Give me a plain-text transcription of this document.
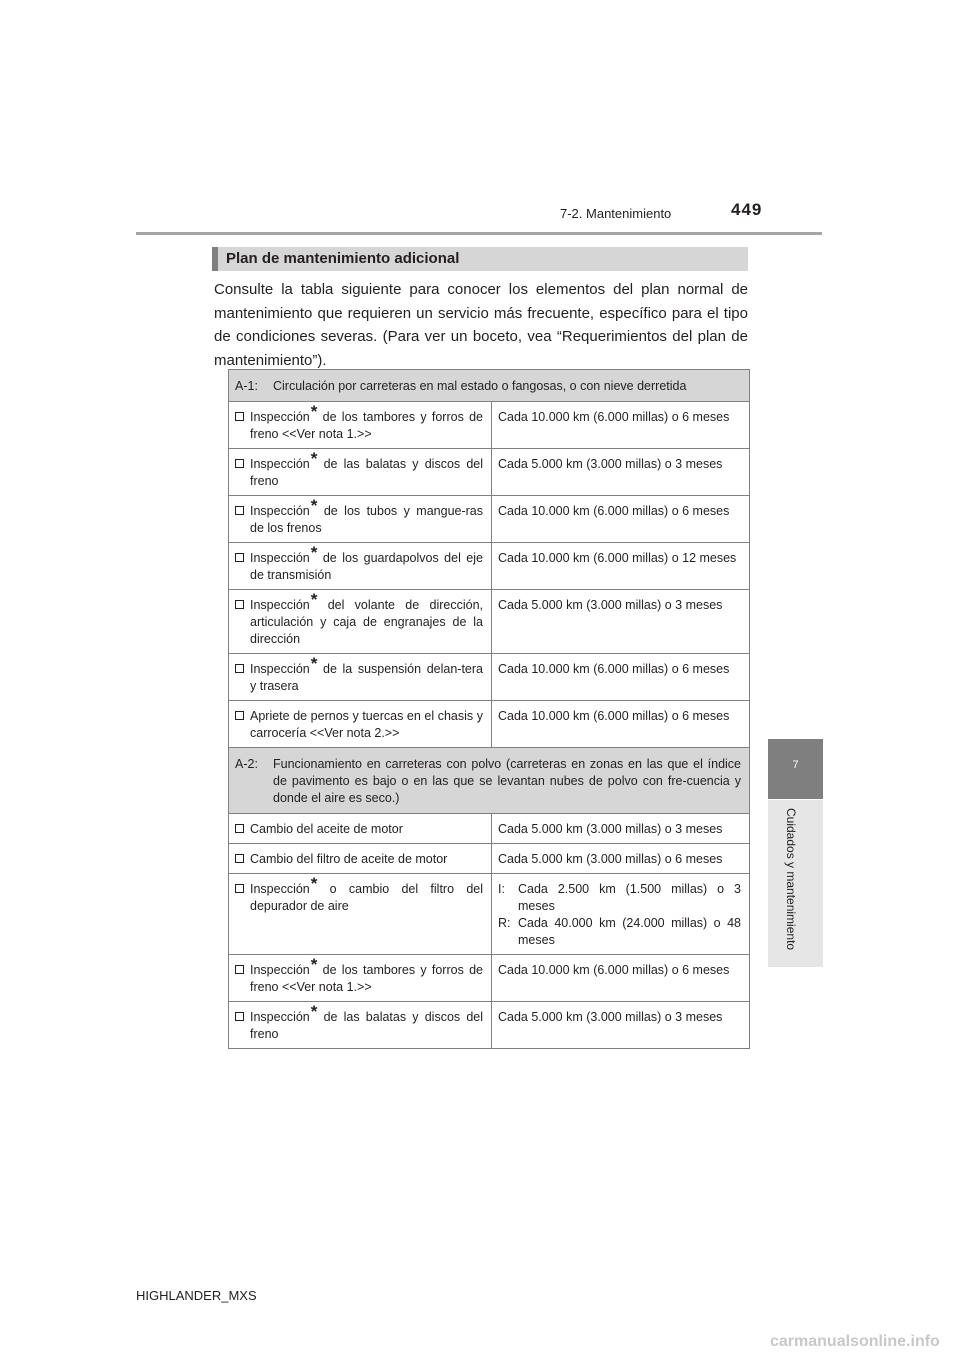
7-2. Mantenimiento	449
7
Cuidados y mantenimiento
Plan de mantenimiento adicional

Consulte la tabla siguiente para conocer los elementos del plan normal de mantenimiento que requieren un servicio más frecuente, específico para el tipo de condiciones severas. (Para ver un boceto, vea “Requerimientos del plan de mantenimiento”).

A-1: Circulación por carreteras en mal estado o fangosas, o con nieve derretida	

Inspección* de los tambores y forros de freno <<Ver nota 1.>>	Cada 10.000 km (6.000 millas) o 6 meses

Inspección* de las balatas y discos del freno	Cada 5.000 km (3.000 millas) o 3 meses

Inspección* de los tubos y mangue-ras de los frenos	Cada 10.000 km (6.000 millas) o 6 meses

Inspección* de los guardapolvos del eje de transmisión	Cada 10.000 km (6.000 millas) o 12 meses

Inspección* del volante de dirección, articulación y caja de engranajes de la dirección	Cada 5.000 km (3.000 millas) o 3 meses

Inspección* de la suspensión delan-tera y trasera	Cada 10.000 km (6.000 millas) o 6 meses

Apriete de pernos y tuercas en el chasis y carrocería <<Ver nota 2.>>	Cada 10.000 km (6.000 millas) o 6 meses

A-2: Funcionamiento en carreteras con polvo (carreteras en zonas en las que el índice de pavimento es bajo o en las que se levantan nubes de polvo con fre-cuencia y donde el aire es seco.)	

Cambio del aceite de motor	Cada 5.000 km (3.000 millas) o 3 meses

Cambio del filtro de aceite de motor	Cada 5.000 km (3.000 millas) o 6 meses

Inspección* o cambio del filtro del depurador de aire	I: Cada 2.500 km (1.500 millas) o 3 meses
R: Cada 40.000 km (24.000 millas) o 48 meses

Inspección* de los tambores y forros de freno <<Ver nota 1.>>	Cada 10.000 km (6.000 millas) o 6 meses

Inspección* de las balatas y discos del freno	Cada 5.000 km (3.000 millas) o 3 meses
HIGHLANDER_MXS
carmanualsonline.info
